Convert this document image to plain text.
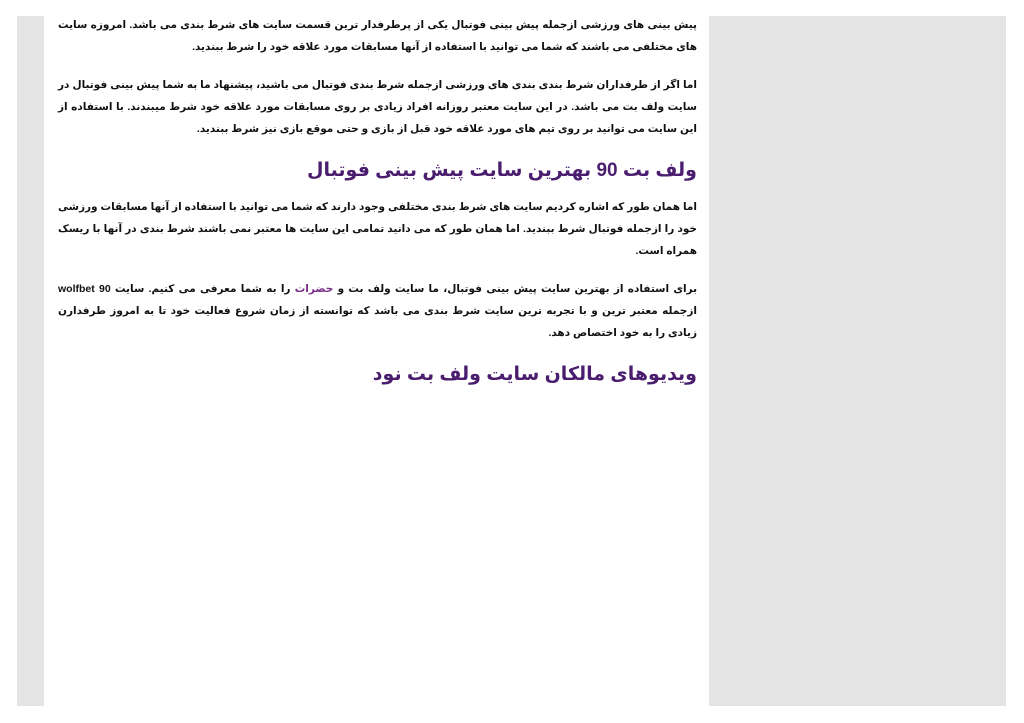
پیش بینی های ورزشی ازجمله پیش بینی فوتبال یکی از پرطرفدار ترین قسمت سایت های شرط بندی می باشد. امروزه سایت های مختلفی می باشند که شما می توانید با استفاده از آنها مسابقات مورد علاقه خود را شرط ببندید.

اما اگر از طرفداران شرط بندی بندی های ورزشی ازجمله شرط بندی فوتبال می باشید، پیشنهاد ما به شما پیش بینی فوتبال در سایت ولف بت می باشد. در این سایت معتبر روزانه افراد زیادی بر روی مسابقات مورد علاقه خود شرط میبندند. با استفاده از این سایت می توانید بر روی تیم های مورد علاقه خود قبل از بازی و حتی موقع بازی نیز شرط ببندید.

ولف بت 90 بهترین سایت پیش بینی فوتبال

اما همان طور که اشاره کردیم سایت های شرط بندی مختلفی وجود دارند که شما می توانید با استفاده از آنها مسابقات ورزشی خود را ازجمله فوتبال شرط ببندید. اما همان طور که می دانید تمامی این سایت ها معتبر نمی باشند شرط بندی در آنها با ریسک همراه است.

برای استفاده از بهترین سایت پیش بینی فوتبال، ما سایت ولف بت و حضرات را به شما معرفی می کنیم. سایت wolfbet 90 ازجمله معتبر ترین و با تجربه ترین سایت شرط بندی می باشد که توانسته از زمان شروع فعالیت خود تا به امروز طرفدارن زیادی را به خود اختصاص دهد.

ویدیوهای مالکان سایت ولف بت نود
